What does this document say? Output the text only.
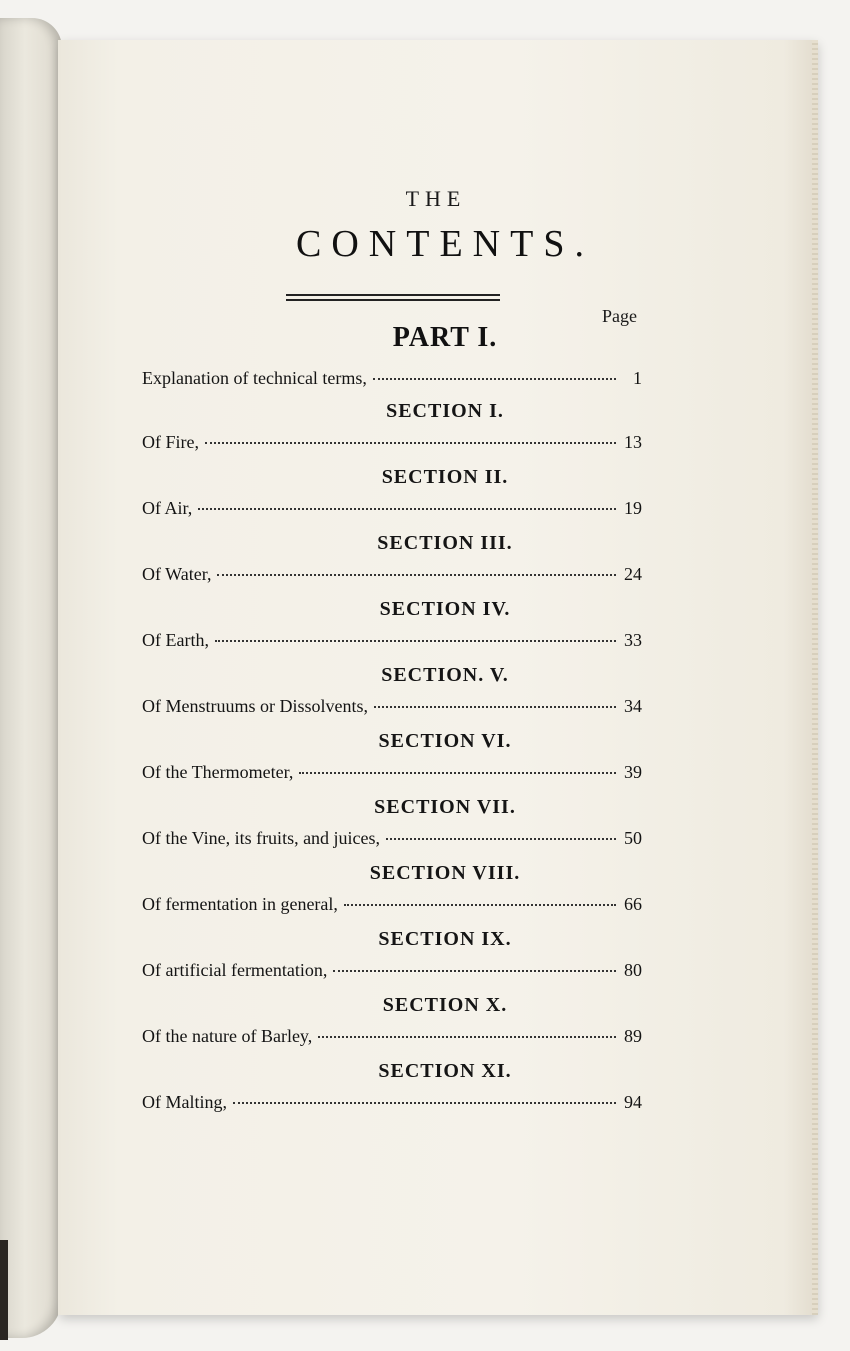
THE
CONTENTS.
Page
PART I.
Explanation of technical terms,	1
SECTION I.
Of Fire,	13
SECTION II.
Of Air,	19
SECTION III.
Of Water,	24
SECTION IV.
Of Earth,	33
SECTION. V.
Of Menstruums or Dissolvents,	34
SECTION VI.
Of the Thermometer,	39
SECTION VII.
Of the Vine, its fruits, and juices,	50
SECTION VIII.
Of fermentation in general,	66
SECTION IX.
Of artificial fermentation,	80
SECTION X.
Of the nature of Barley,	89
SECTION XI.
Of Malting,	94
